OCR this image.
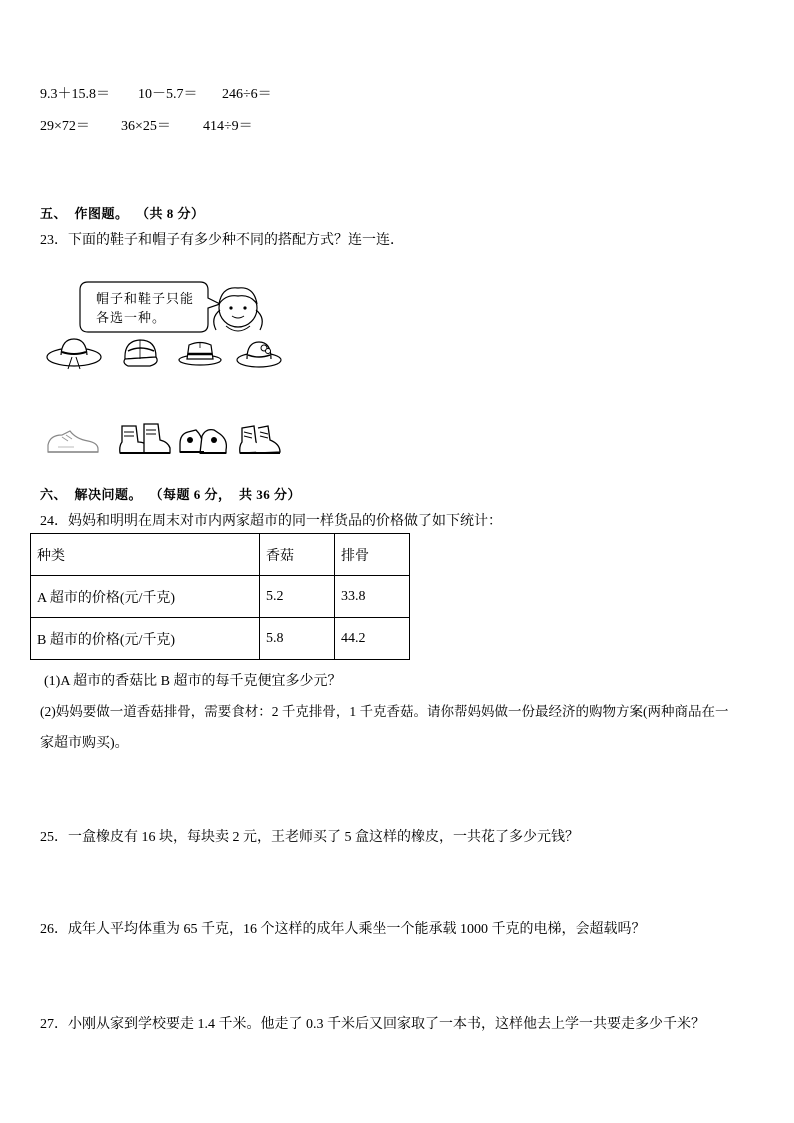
9.3＋15.8＝ 10－5.7＝ 246÷6＝
29×72＝ 36×25＝ 414÷9＝
五、  作图题。  （共 8 分）
23．下面的鞋子和帽子有多少种不同的搭配方式？连一连．
帽子和鞋子只能
各选一种。
六、  解决问题。  （每题 6 分，  共 36 分）
24．妈妈和明明在周末对市内两家超市的同一样货品的价格做了如下统计：
种类	香菇	排骨
A 超市的价格(元/千克)	5.2	33.8
B 超市的价格(元/千克)	5.8	44.2
(1)A 超市的香菇比 B 超市的每千克便宜多少元？
(2)妈妈要做一道香菇排骨，需要食材：2 千克排骨，1 千克香菇。请你帮妈妈做一份最经济的购物方案(两种商品在一
家超市购买)。
25．一盒橡皮有 16 块，每块卖 2 元，王老师买了 5 盒这样的橡皮，一共花了多少元钱？
26．成年人平均体重为 65 千克，16 个这样的成年人乘坐一个能承载 1000 千克的电梯，会超载吗？
27．小刚从家到学校要走 1.4 千米。他走了 0.3 千米后又回家取了一本书，这样他去上学一共要走多少千米？
